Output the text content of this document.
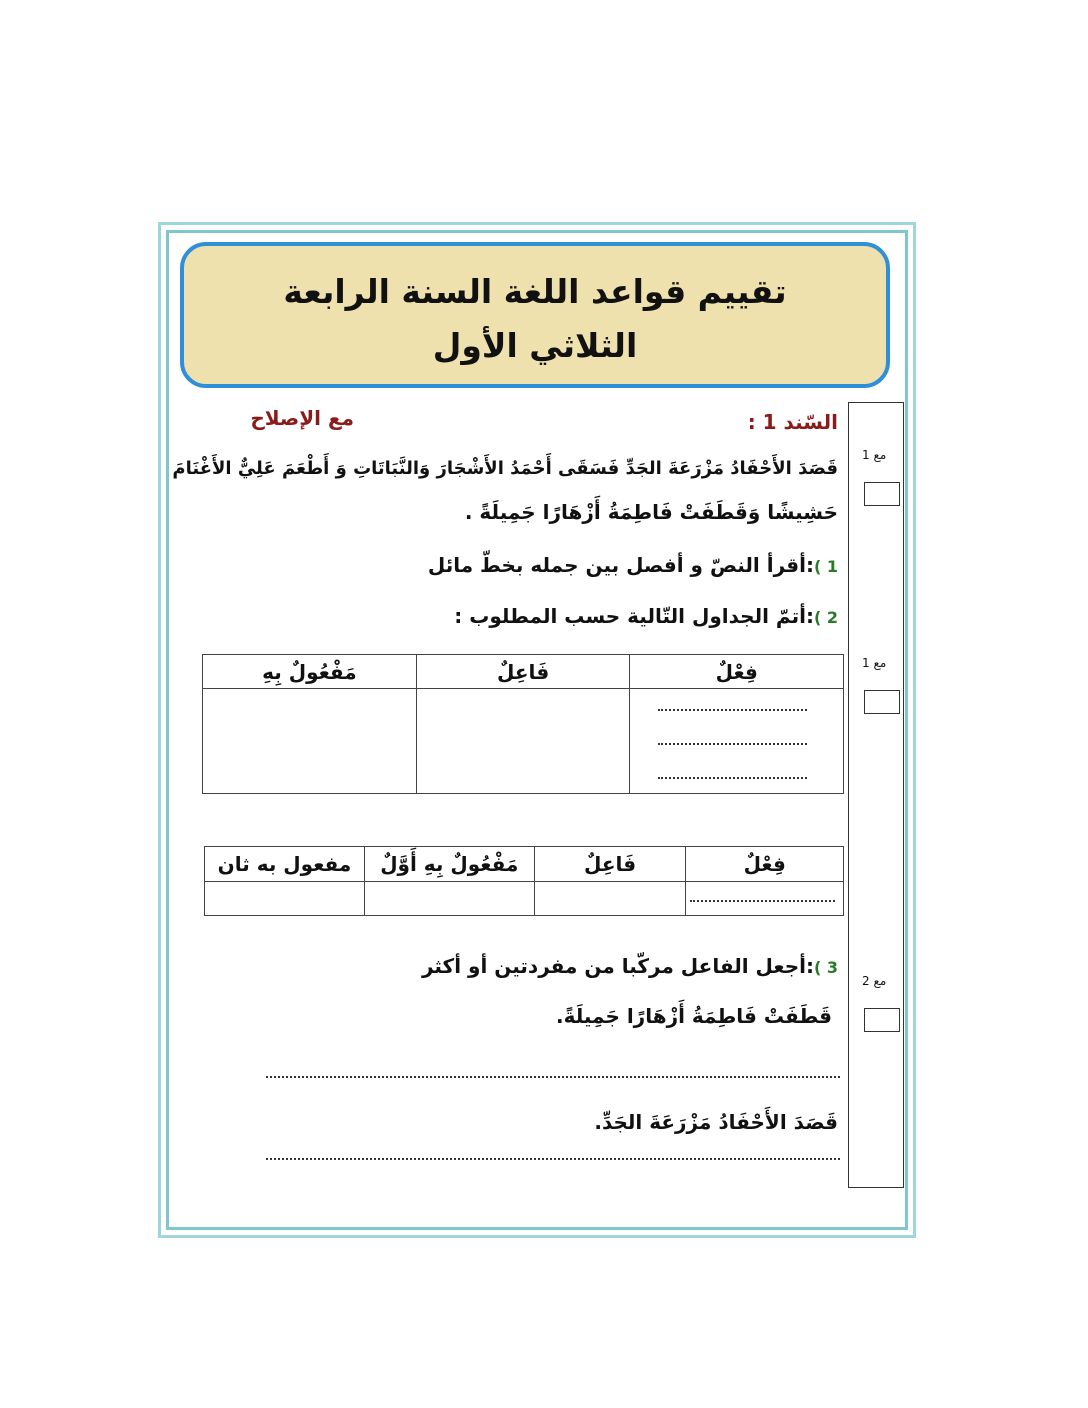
تقييم قواعد اللغة السنة الرابعة
الثلاثي الأول
مع 1
مع 1
مع 2
مع الإصلاح	السّند 1 :
قَصَدَ الأَحْفَادُ مَزْرَعَةَ الجَدِّ فَسَقَى أَحْمَدُ الأَشْجَارَ وَالنَّبَاتَاتِ وَ أَطْعَمَ عَلِيٌّ الأَغْنَامَ
حَشِيشًا وَقَطَفَتْ فَاطِمَةُ أَزْهَارًا جَمِيلَةً .
1 ):أقرأ النصّ و أفصل بين جمله بخطّ مائل
2 ):أتمّ الجداول التّالية حسب المطلوب :
فِعْلٌ	فَاعِلٌ	مَفْعُولٌ بِهِ

فِعْلٌ	فَاعِلٌ	مَفْعُولٌ بِهِ أَوَّلٌ	مفعول به ثان

3 ):أجعل الفاعل مركّبا من مفردتين أو أكثر
قَطَفَتْ فَاطِمَةُ أَزْهَارًا جَمِيلَةً.
قَصَدَ الأَحْفَادُ مَزْرَعَةَ الجَدِّ.
